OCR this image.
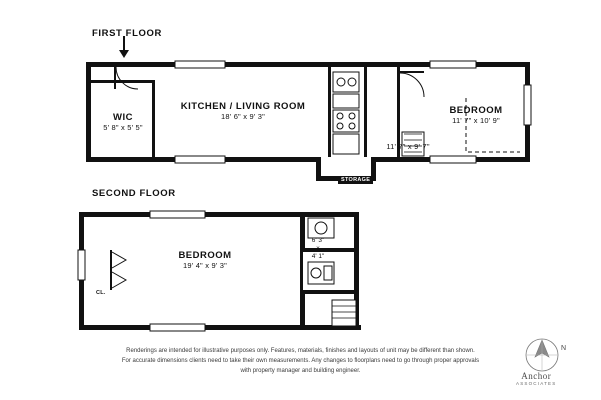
FIRST FLOOR
WIC
5' 8" x 5' 5"
KITCHEN / LIVING ROOM
18' 6" x 9' 3"
BEDROOM
11' 7" x 10' 9"
11' 7" x 9' 7"
STORAGE
SECOND FLOOR
BEDROOM
19' 4" x 9' 3"
6' 3"
x
4' 1"
CL.
Renderings are intended for illustrative purposes only. Features, materials, finishes and layouts of unit may be different than shown.
For accurate dimensions clients need to take their own measurements. Any changes to floorplans need to go through proper approvals
with property manager and building engineer.
N
Anchor
ASSOCIATES
